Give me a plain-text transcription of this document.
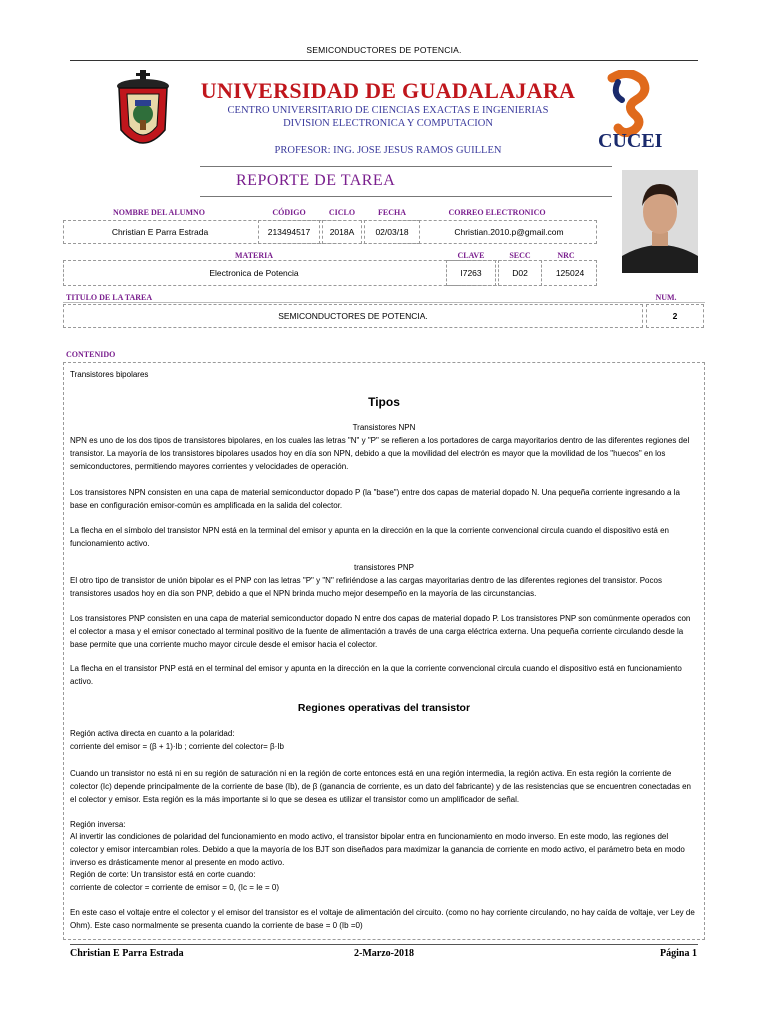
SEMICONDUCTORES DE POTENCIA.
CUCEI
UNIVERSIDAD DE GUADALAJARA
CENTRO UNIVERSITARIO DE CIENCIAS EXACTAS E INGENIERIAS
DIVISION ELECTRONICA Y COMPUTACION
PROFESOR: ING. JOSE JESUS RAMOS GUILLEN
REPORTE DE TAREA
NOMBRE DEL ALUMNO	CÓDIGO	CICLO	FECHA	CORREO ELECTRONICO
Christian E Parra Estrada	213494517	2018A	02/03/18	Christian.2010.p@gmail.com
MATERIA	CLAVE	SECC	NRC
Electronica de Potencia	I7263	D02	125024
TITULO DE LA TAREA	NUM.
SEMICONDUCTORES DE POTENCIA.	2
CONTENIDO
Transistores bipolares
Tipos
Transistores NPN
NPN es uno de los dos tipos de transistores bipolares, en los cuales las letras "N" y "P" se refieren a los portadores de carga mayoritarios dentro de las diferentes regiones del transistor. La mayoría de los transistores bipolares usados hoy en día son NPN, debido a que la movilidad del electrón es mayor que la movilidad de los "huecos" en los semiconductores, permitiendo mayores corrientes y velocidades de operación.
Los transistores NPN consisten en una capa de material semiconductor dopado P (la "base") entre dos capas de material dopado N. Una pequeña corriente ingresando a la base en configuración emisor-común es amplificada en la salida del colector.
La flecha en el símbolo del transistor NPN está en la terminal del emisor y apunta en la dirección en la que la corriente convencional circula cuando el dispositivo está en funcionamiento activo.
transistores PNP
El otro tipo de transistor de unión bipolar es el PNP con las letras "P" y "N" refiriéndose a las cargas mayoritarias dentro de las diferentes regiones del transistor. Pocos transistores usados hoy en día son PNP, debido a que el NPN brinda mucho mejor desempeño en la mayoría de las circunstancias.
Los transistores PNP consisten en una capa de material semiconductor dopado N entre dos capas de material dopado P. Los transistores PNP son comúnmente operados con el colector a masa y el emisor conectado al terminal positivo de la fuente de alimentación a través de una carga eléctrica externa. Una pequeña corriente circulando desde la base permite que una corriente mucho mayor circule desde el emisor hacia el colector.
La flecha en el transistor PNP está en el terminal del emisor y apunta en la dirección en la que la corriente convencional circula cuando el dispositivo está en funcionamiento activo.
Regiones operativas del transistor
Región activa directa en cuanto a la polaridad:
corriente del emisor = (β + 1)·Ib ; corriente del colector= β·Ib
Cuando un transistor no está ni en su región de saturación ni en la región de corte entonces está en una región intermedia, la región activa. En esta región la corriente de colector (Ic) depende principalmente de la corriente de base (Ib), de β (ganancia de corriente, es un dato del fabricante) y de las resistencias que se encuentren conectadas en el colector y emisor. Esta región es la más importante si lo que se desea es utilizar el transistor como un amplificador de señal.
Región inversa:
Al invertir las condiciones de polaridad del funcionamiento en modo activo, el transistor bipolar entra en funcionamiento en modo inverso. En este modo, las regiones del colector y emisor intercambian roles. Debido a que la mayoría de los BJT son diseñados para maximizar la ganancia de corriente en modo activo, el parámetro beta en modo inverso es drásticamente menor al presente en modo activo.
Región de corte: Un transistor está en corte cuando:
corriente de colector = corriente de emisor = 0, (Ic = Ie = 0)
En este caso el voltaje entre el colector y el emisor del transistor es el voltaje de alimentación del circuito. (como no hay corriente circulando, no hay caída de voltaje, ver Ley de Ohm). Este caso normalmente se presenta cuando la corriente de base = 0 (Ib =0)
Christian E Parra Estrada	2-Marzo-2018	Página 1
